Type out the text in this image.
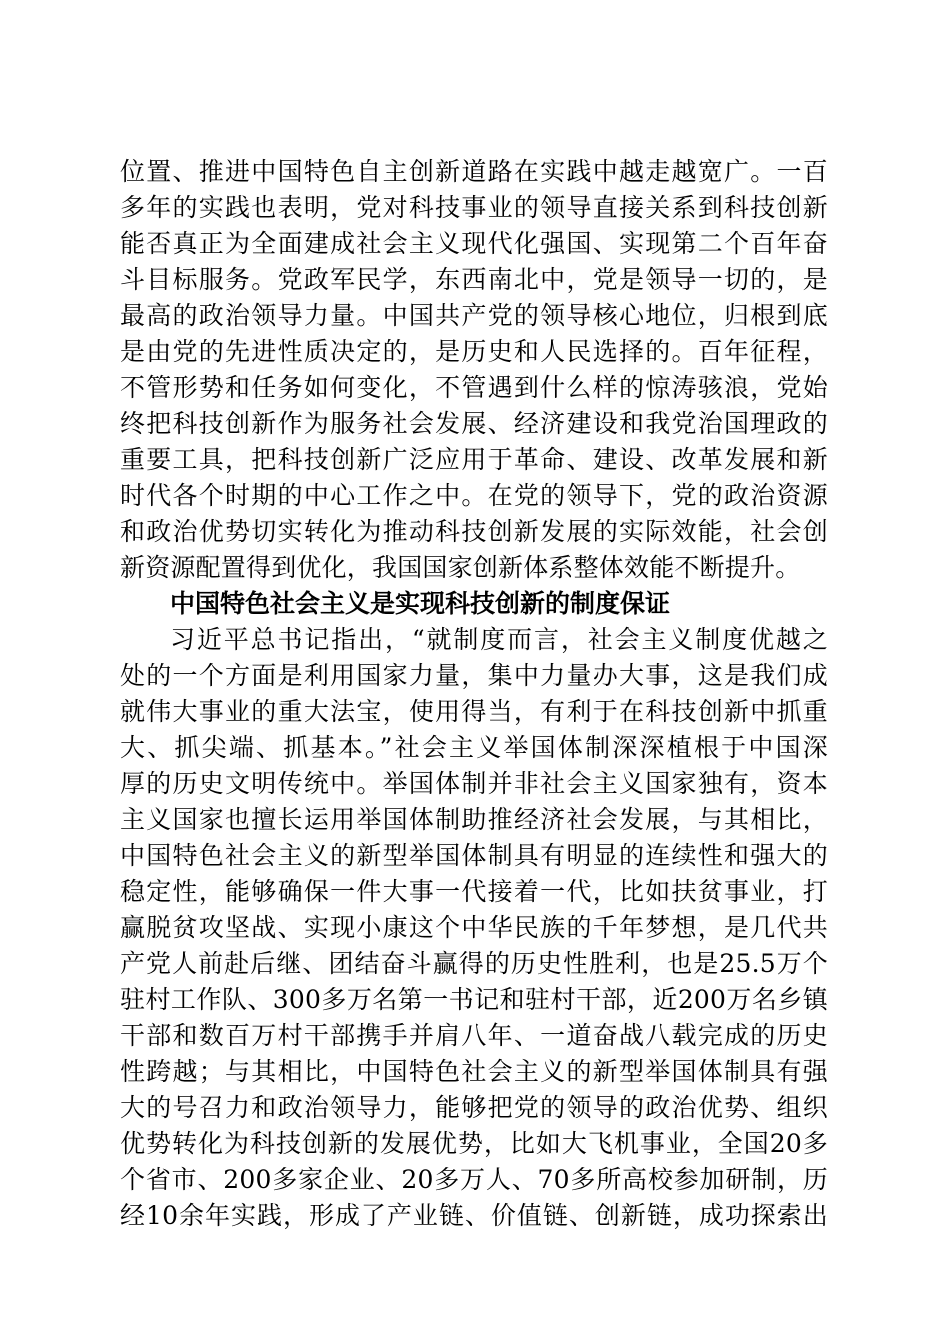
位置、推进中国特色自主创新道路在实践中越走越宽广。一百
多年的实践也表明，党对科技事业的领导直接关系到科技创新
能否真正为全面建成社会主义现代化强国、实现第二个百年奋
斗目标服务。党政军民学，东西南北中，党是领导一切的，是
最高的政治领导力量。中国共产党的领导核心地位，归根到底
是由党的先进性质决定的，是历史和人民选择的。百年征程，
不管形势和任务如何变化，不管遇到什么样的惊涛骇浪，党始
终把科技创新作为服务社会发展、经济建设和我党治国理政的
重要工具，把科技创新广泛应用于革命、建设、改革发展和新
时代各个时期的中心工作之中。在党的领导下，党的政治资源
和政治优势切实转化为推动科技创新发展的实际效能，社会创
新资源配置得到优化，我国国家创新体系整体效能不断提升。
中国特色社会主义是实现科技创新的制度保证
习近平总书记指出，“就制度而言，社会主义制度优越之
处的一个方面是利用国家力量，集中力量办大事，这是我们成
就伟大事业的重大法宝，使用得当，有利于在科技创新中抓重
大、抓尖端、抓基本。”社会主义举国体制深深植根于中国深
厚的历史文明传统中。举国体制并非社会主义国家独有，资本
主义国家也擅长运用举国体制助推经济社会发展，与其相比，
中国特色社会主义的新型举国体制具有明显的连续性和强大的
稳定性，能够确保一件大事一代接着一代，比如扶贫事业，打
赢脱贫攻坚战、实现小康这个中华民族的千年梦想，是几代共
产党人前赴后继、团结奋斗赢得的历史性胜利，也是25.5万个
驻村工作队、300多万名第一书记和驻村干部，近200万名乡镇
干部和数百万村干部携手并肩八年、一道奋战八载完成的历史
性跨越；与其相比，中国特色社会主义的新型举国体制具有强
大的号召力和政治领导力，能够把党的领导的政治优势、组织
优势转化为科技创新的发展优势，比如大飞机事业，全国20多
个省市、200多家企业、20多万人、70多所高校参加研制，历
经10余年实践，形成了产业链、价值链、创新链，成功探索出
